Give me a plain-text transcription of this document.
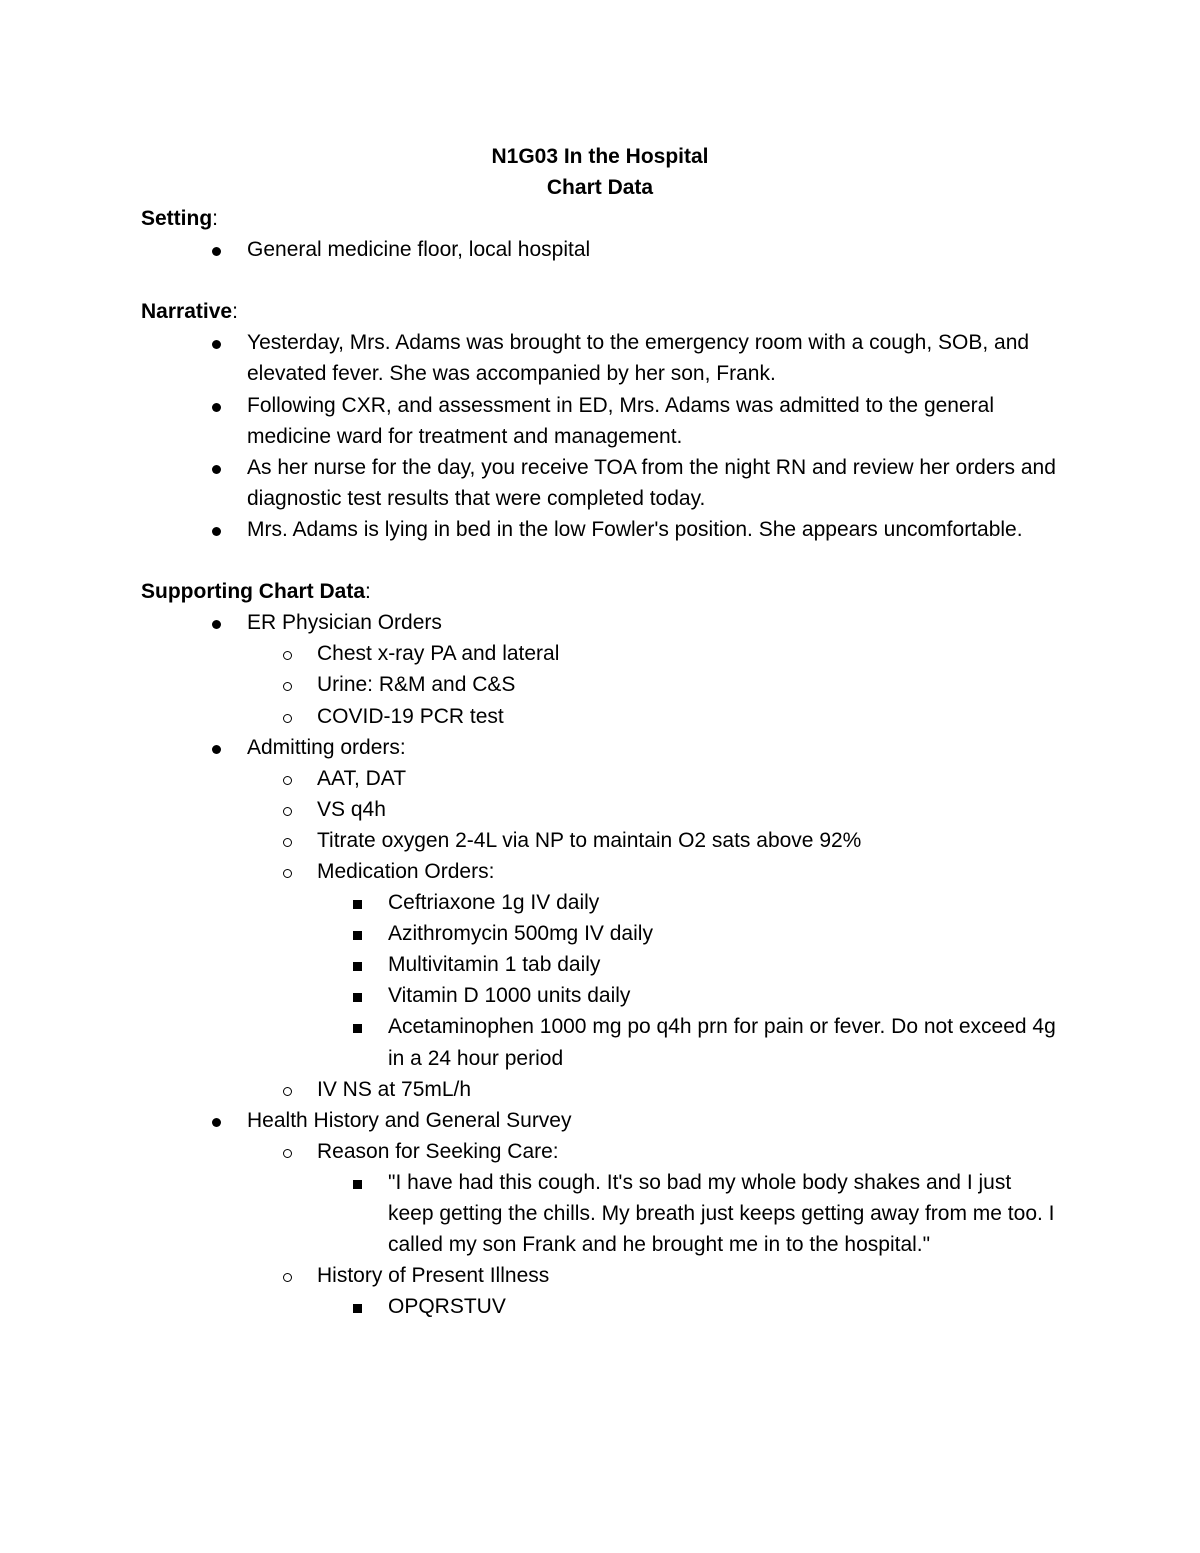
N1G03 In the Hospital
Chart Data
Setting:
General medicine floor, local hospital
Narrative:
Yesterday, Mrs. Adams was brought to the emergency room with a cough, SOB, and elevated fever. She was accompanied by her son, Frank.
Following CXR, and assessment in ED, Mrs. Adams was admitted to the general medicine ward for treatment and management.
As her nurse for the day, you receive TOA from the night RN and review her orders and diagnostic test results that were completed today.
Mrs. Adams is lying in bed in the low Fowler's position. She appears uncomfortable.
Supporting Chart Data:
ER Physician Orders
Chest x-ray PA and lateral
Urine: R&M and C&S
COVID-19 PCR test
Admitting orders:
AAT, DAT
VS q4h
Titrate oxygen 2-4L via NP to maintain O2 sats above 92%
Medication Orders:
Ceftriaxone 1g IV daily
Azithromycin 500mg IV daily
Multivitamin 1 tab daily
Vitamin D 1000 units daily
Acetaminophen 1000 mg po q4h prn for pain or fever. Do not exceed 4g in a 24 hour period
IV NS at 75mL/h
Health History and General Survey
Reason for Seeking Care:
"I have had this cough. It's so bad my whole body shakes and I just keep getting the chills. My breath just keeps getting away from me too. I called my son Frank and he brought me in to the hospital."
History of Present Illness
OPQRSTUV
